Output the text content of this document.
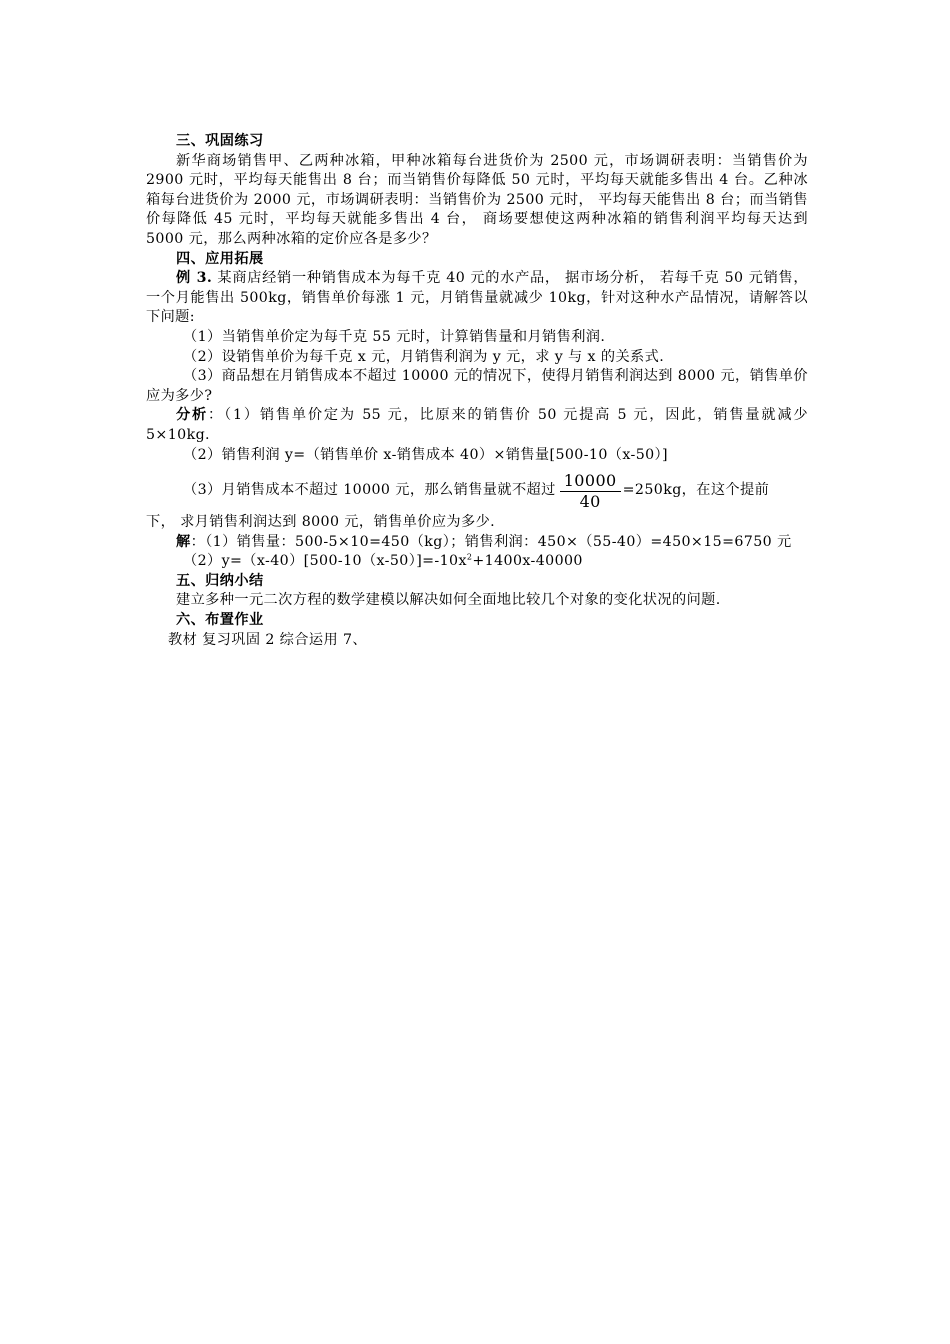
三、巩固练习
新华商场销售甲、乙两种冰箱，甲种冰箱每台进货价为 2500 元，市场调研表明：当销售价为 2900 元时，平均每天能售出 8 台；而当销售价每降低 50 元时，平均每天就能多售出 4 台。乙种冰箱每台进货价为 2000 元，市场调研表明：当销售价为 2500 元时， 平均每天能售出 8 台；而当销售价每降低 45 元时，平均每天就能多售出 4 台， 商场要想使这两种冰箱的销售利润平均每天达到 5000 元，那么两种冰箱的定价应各是多少？
四、应用拓展
例 3. 某商店经销一种销售成本为每千克 40 元的水产品， 据市场分析， 若每千克 50 元销售，一个月能售出 500kg，销售单价每涨 1 元，月销售量就减少 10kg，针对这种水产品情况，请解答以下问题:
（1）当销售单价定为每千克 55 元时，计算销售量和月销售利润.
（2）设销售单价为每千克 x 元，月销售利润为 y 元，求 y 与 x 的关系式.
（3）商品想在月销售成本不超过 10000 元的情况下，使得月销售利润达到 8000 元，销售单价应为多少?
分析：（1）销售单价定为 55 元，比原来的销售价 50 元提高 5 元，因此，销售量就减少 5×10kg.
（2）销售利润 y=（销售单价 x-销售成本 40）×销售量[500-10（x-50）]
（3）月销售成本不超过 10000 元，那么销售量就不超过 $\frac{10000}{40} =250kg$，在这个提前
下， 求月销售利润达到 8000 元，销售单价应为多少.
解：（1）销售量：500-5×10=450（kg）；销售利润：450×（55-40）=450×15=6750 元
$(2)y=(x-40)[500-10(x-50)]=-10x^2+1400x-40000$
五、归纳小结
建立多种一元二次方程的数学建模以解决如何全面地比较几个对象的变化状况的问题.
六、布置作业
教材 复习巩固 2 综合运用 7、
